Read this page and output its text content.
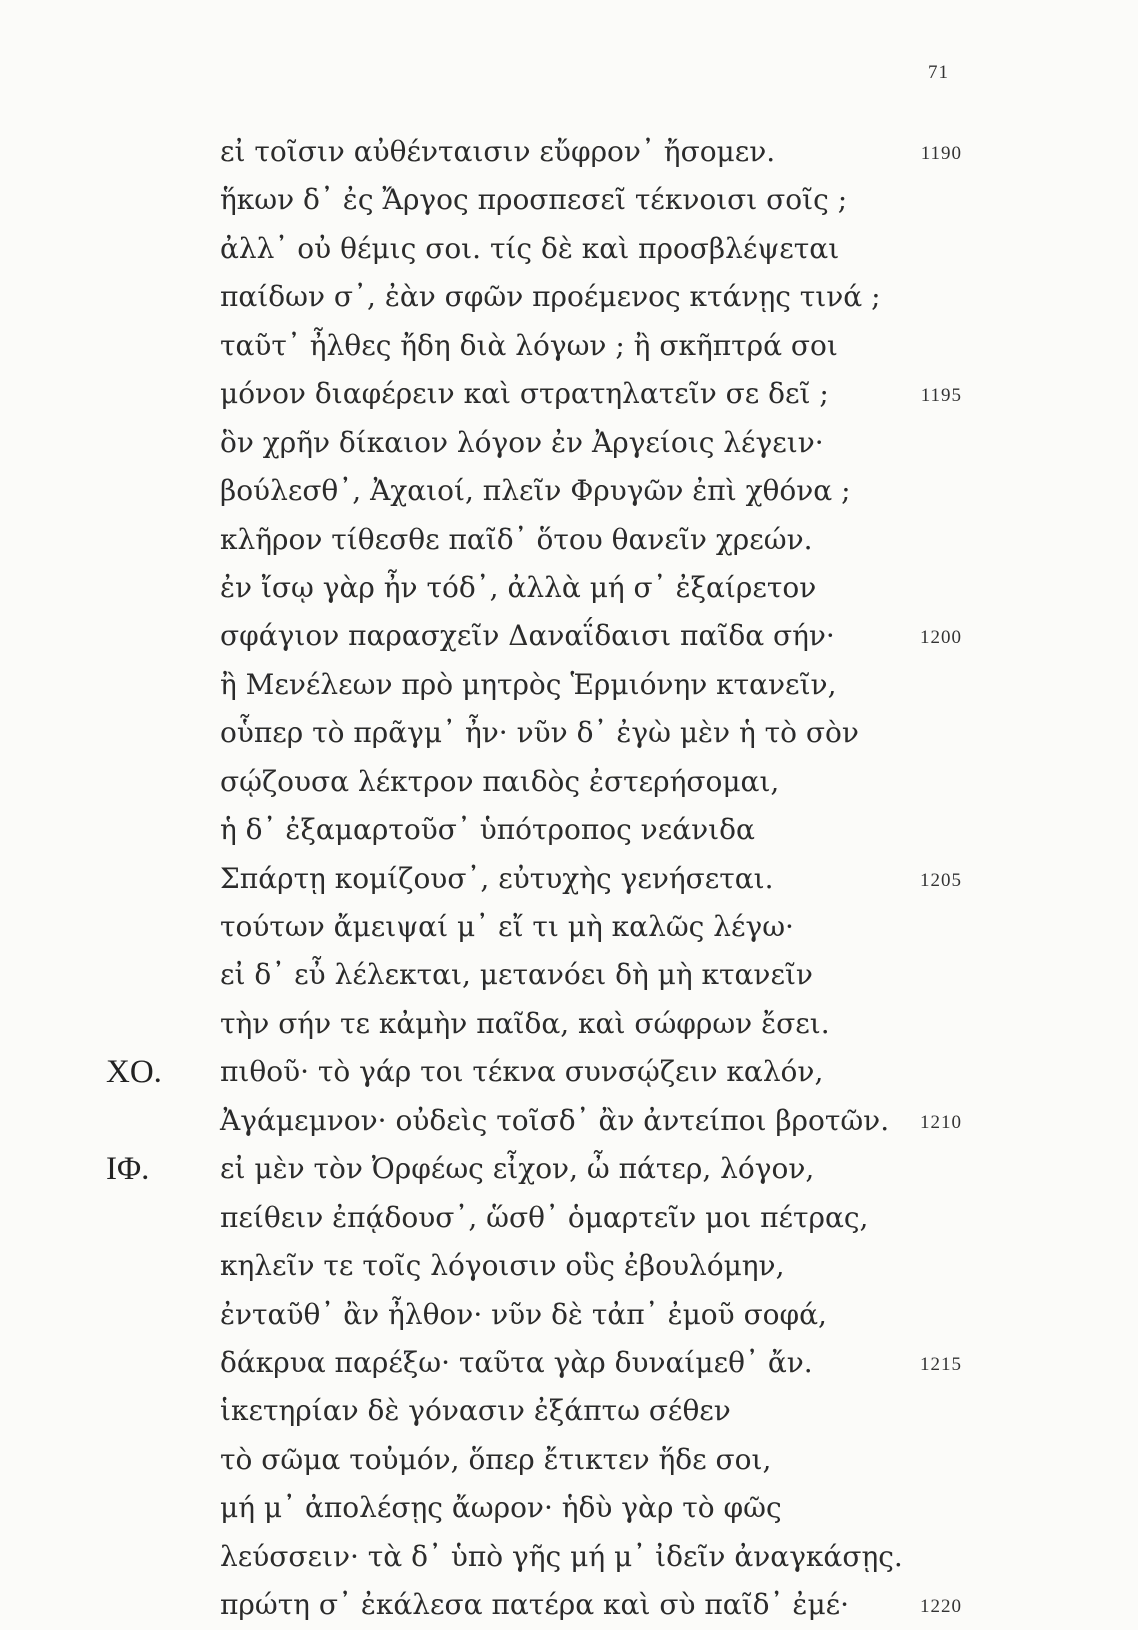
71
εἰ τοῖσιν αὐθένταισιν εὔφρον᾽ ἤσομεν.	1190
ἥκων δ᾽ ἐς Ἄργος προσπεσεῖ τέκνοισι σοῖς ;
ἀλλ᾽ οὐ θέμις σοι. τίς δὲ καὶ προσβλέψεται
παίδων σ᾽, ἐὰν σφῶν προέμενος κτάνῃς τινά ;
ταῦτ᾽ ἦλθες ἤδη διὰ λόγων ; ἢ σκῆπτρά σοι
μόνον διαφέρειν καὶ στρατηλατεῖν σε δεῖ ;	1195
ὃν χρῆν δίκαιον λόγον ἐν Ἀργείοις λέγειν·
βούλεσθ᾽, Ἀχαιοί, πλεῖν Φρυγῶν ἐπὶ χθόνα ;
κλῆρον τίθεσθε παῖδ᾽ ὅτου θανεῖν χρεών.
ἐν ἴσῳ γὰρ ἦν τόδ᾽, ἀλλὰ μή σ᾽ ἐξαίρετον
σφάγιον παρασχεῖν Δαναΐδαισι παῖδα σήν·	1200
ἢ Μενέλεων πρὸ μητρὸς Ἑρμιόνην κτανεῖν,
οὗπερ τὸ πρᾶγμ᾽ ἦν· νῦν δ᾽ ἐγὼ μὲν ἡ τὸ σὸν
σῴζουσα λέκτρον παιδὸς ἐστερήσομαι,
ἡ δ᾽ ἐξαμαρτοῦσ᾽ ὑπότροπος νεάνιδα
Σπάρτῃ κομίζουσ᾽, εὐτυχὴς γενήσεται.	1205
τούτων ἄμειψαί μ᾽ εἴ τι μὴ καλῶς λέγω·
εἰ δ᾽ εὖ λέλεκται, μετανόει δὴ μὴ κτανεῖν
τὴν σήν τε κἀμὴν παῖδα, καὶ σώφρων ἔσει.
ΧΟ. πιθοῦ· τὸ γάρ τοι τέκνα συνσῴζειν καλόν,
Ἀγάμεμνον· οὐδεὶς τοῖσδ᾽ ἂν ἀντείποι βροτῶν.	1210
ΙΦ.	εἰ μὲν τὸν Ὀρφέως εἶχον, ὦ πάτερ, λόγον,
πείθειν ἐπᾴδουσ᾽, ὥσθ᾽ ὁμαρτεῖν μοι πέτρας,
κηλεῖν τε τοῖς λόγοισιν οὓς ἐβουλόμην,
ἐνταῦθ᾽ ἂν ἦλθον· νῦν δὲ τἀπ᾽ ἐμοῦ σοφά,
δάκρυα παρέξω· ταῦτα γὰρ δυναίμεθ᾽ ἄν.	1215
ἱκετηρίαν δὲ γόνασιν ἐξάπτω σέθεν
τὸ σῶμα τοὐμόν, ὅπερ ἔτικτεν ἥδε σοι,
μή μ᾽ ἀπολέσῃς ἄωρον· ἡδὺ γὰρ τὸ φῶς
λεύσσειν· τὰ δ᾽ ὑπὸ γῆς μή μ᾽ ἰδεῖν ἀναγκάσῃς.
πρώτη σ᾽ ἐκάλεσα πατέρα καὶ σὺ παῖδ᾽ ἐμέ·	1220
